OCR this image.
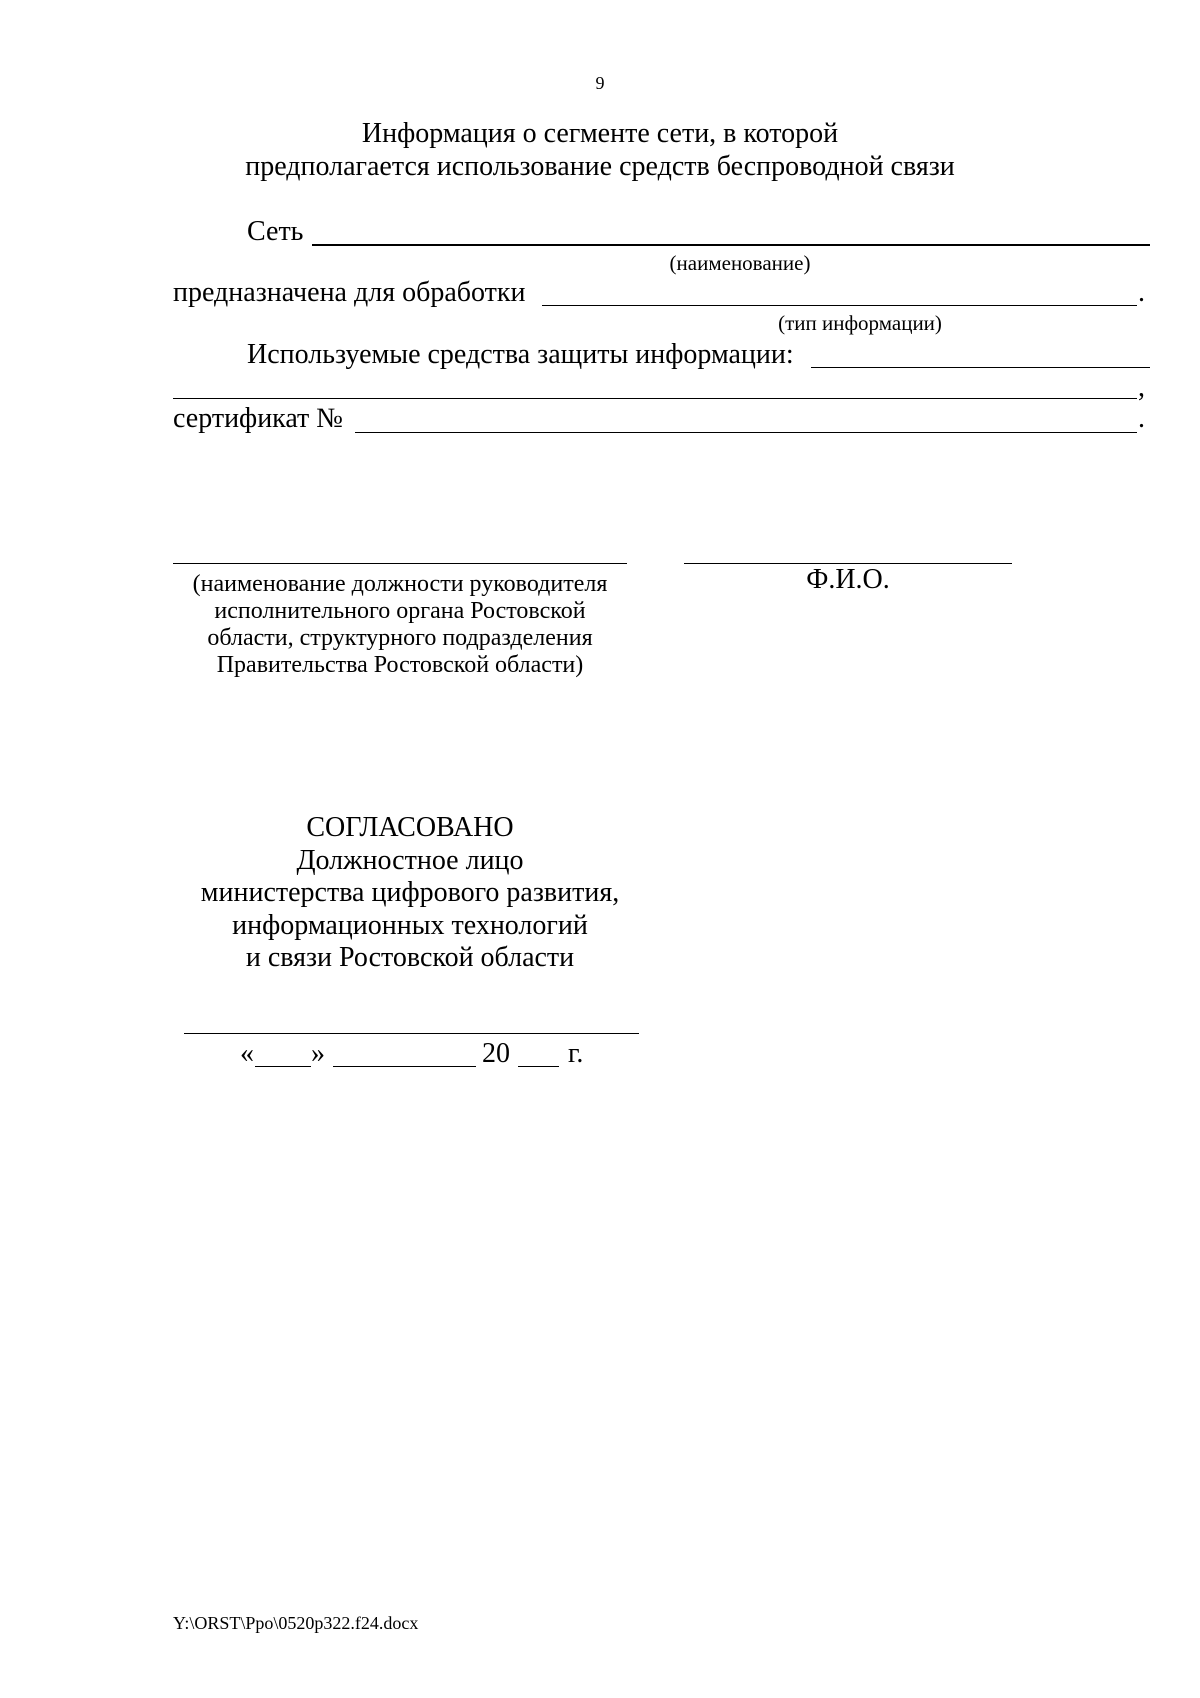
9
Информация о сегменте сети, в которой
предполагается использование средств беспроводной связи
Сеть
(наименование)
предназначена для обработки	.
(тип информации)
Используемые средства защиты информации:
,
сертификат №	.
(наименование должности руководителя
исполнительного органа Ростовской
области, структурного подразделения
Правительства Ростовской области)
Ф.И.О.
СОГЛАСОВАНО
Должностное лицо
министерства цифрового развития,
информационных технологий
и связи Ростовской области
« »	20 г.
Y:\ORST\Ppo\0520p322.f24.docx
